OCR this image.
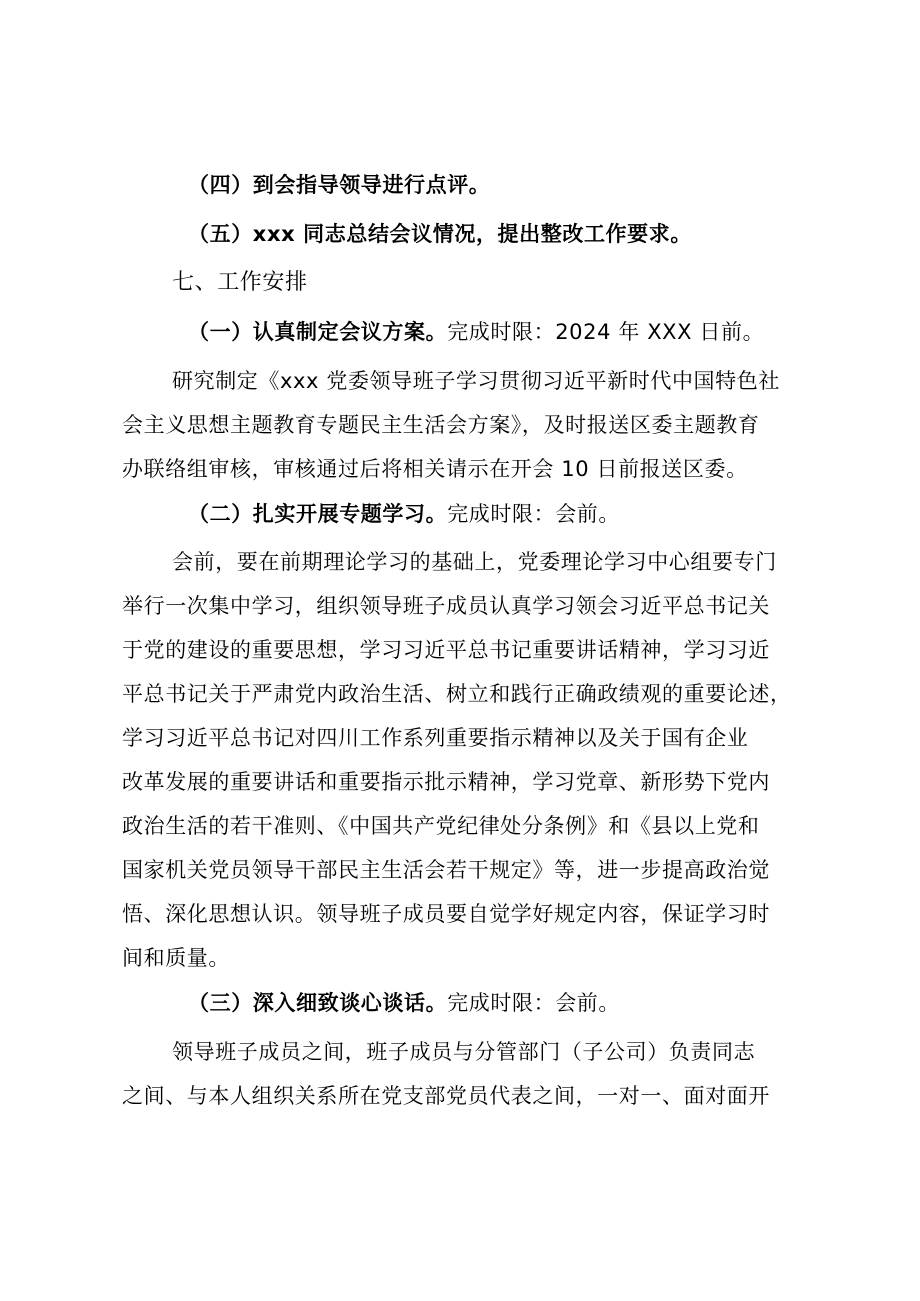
（四）到会指导领导进行点评。
（五）xxx 同志总结会议情况，提出整改工作要求。
七、工作安排
（一）认真制定会议方案。完成时限：2024 年 XXX 日前。
研究制定《xxx 党委领导班子学习贯彻习近平新时代中国特色社
会主义思想主题教育专题民主生活会方案》，及时报送区委主题教育
办联络组审核，审核通过后将相关请示在开会 10 日前报送区委。
（二）扎实开展专题学习。完成时限：会前。
会前，要在前期理论学习的基础上，党委理论学习中心组要专门
举行一次集中学习，组织领导班子成员认真学习领会习近平总书记关
于党的建设的重要思想，学习习近平总书记重要讲话精神，学习习近
平总书记关于严肃党内政治生活、树立和践行正确政绩观的重要论述，
学习习近平总书记对四川工作系列重要指示精神以及关于国有企业
改革发展的重要讲话和重要指示批示精神，学习党章、新形势下党内
政治生活的若干准则、《中国共产党纪律处分条例》和《县以上党和
国家机关党员领导干部民主生活会若干规定》等，进一步提高政治觉
悟、深化思想认识。领导班子成员要自觉学好规定内容，保证学习时
间和质量。
（三）深入细致谈心谈话。完成时限：会前。
领导班子成员之间，班子成员与分管部门（子公司）负责同志
之间、与本人组织关系所在党支部党员代表之间，一对一、面对面开
